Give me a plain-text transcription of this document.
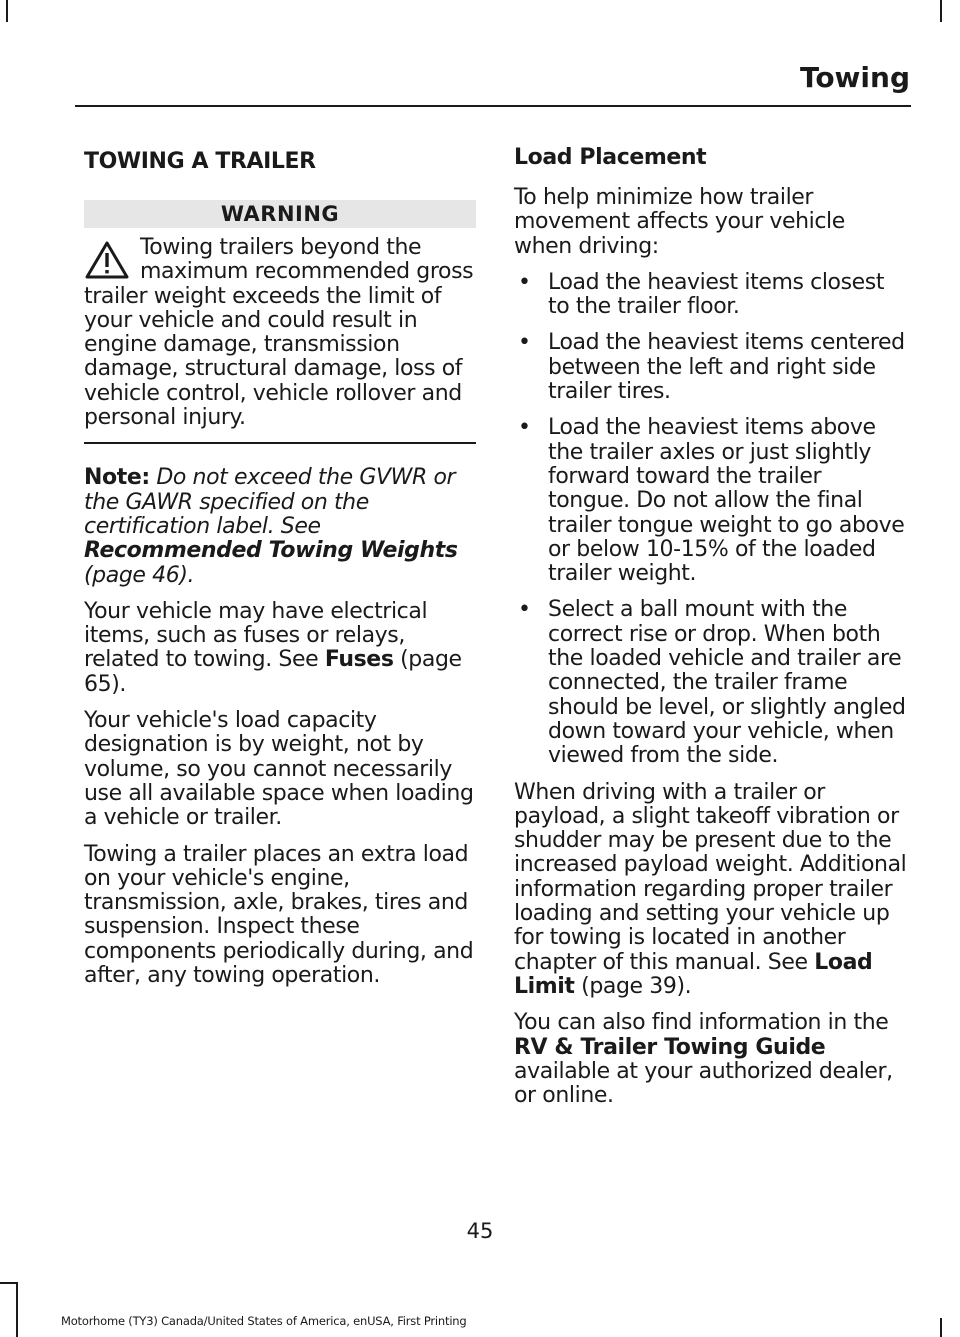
Towing
TOWING A TRAILER
WARNING
Towing trailers beyond the maximum recommended gross trailer weight exceeds the limit of your vehicle and could result in engine damage, transmission damage, structural damage, loss of vehicle control, vehicle rollover and personal injury.

Note: Do not exceed the GVWR or the GAWR specified on the certification label. See Recommended Towing Weights (page 46).

Your vehicle may have electrical items, such as fuses or relays, related to towing. See Fuses (page 65).

Your vehicle's load capacity designation is by weight, not by volume, so you cannot necessarily use all available space when loading a vehicle or trailer.

Towing a trailer places an extra load on your vehicle's engine, transmission, axle, brakes, tires and suspension. Inspect these components periodically during, and after, any towing operation.

Load Placement

To help minimize how trailer movement affects your vehicle when driving:

• Load the heaviest items closest to the trailer floor.
• Load the heaviest items centered between the left and right side trailer tires.
• Load the heaviest items above the trailer axles or just slightly forward toward the trailer tongue. Do not allow the final trailer tongue weight to go above or below 10-15% of the loaded trailer weight.
• Select a ball mount with the correct rise or drop. When both the loaded vehicle and trailer are connected, the trailer frame should be level, or slightly angled down toward your vehicle, when viewed from the side.

When driving with a trailer or payload, a slight takeoff vibration or shudder may be present due to the increased payload weight. Additional information regarding proper trailer loading and setting your vehicle up for towing is located in another chapter of this manual. See Load Limit (page 39).

You can also find information in the RV & Trailer Towing Guide available at your authorized dealer, or online.

45
Motorhome (TY3) Canada/United States of America, enUSA, First Printing
